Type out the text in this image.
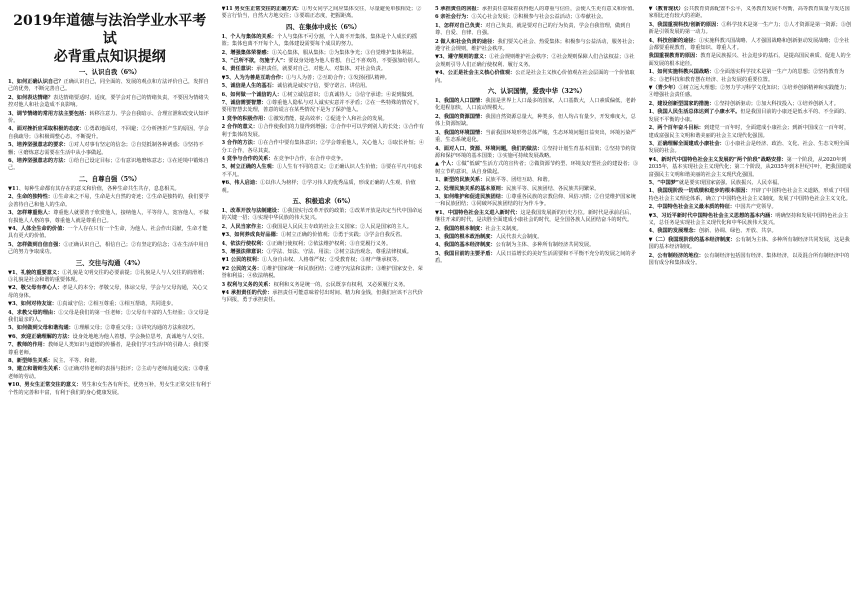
2019年道德与法治学业水平考试
必背重点知识提纲
一、认识自我（6%）
1、如何正确认识自己？正确认识自己，同全面的、发展的观点和方法评价自己，发挥自己的优势，不断完善自己。
2、如何表达情绪？表达情绪要适时、适度，要学会对自己的情绪负责，不要因为情绪失控对他人和社会造成不良影响。
3、调节情绪的常用方法主要包括：转移注意力、学会自我暗示、合理宣泄和改变认知评价。
4、面对挫折应采取积极的态度：①勇敢地面对，不回避；②分析挫折产生的原因，学会自我疏导；③积极调整心态，不断提升。
5、培养坚强意志的要求：①对人对事有坚定的信念；②自觉抵制各种诱惑；③坚持不懈；④磨炼意志需要在生活中从小事做起。
6、培养坚强意志的方法：①给自己设定目标；②有意识地磨炼意志；③在逆境中锻炼自己。
二、自尊自强（5%）
▼11、每种生命都有其存在的意义和价值，各种生命共生共存，息息相关。
2、生命的独特性：①生命来之不易，生命是大自然的奇迹；②生命是独特的，我们要学会善待自己和他人的生命。
3、怎样尊重他人：尊重他人就要善于欣赏他人，接纳他人，平等待人，宽容他人，不做有损他人人格的事，尊重他人就是尊重自己。
▼4、人体全生命的价值：一个人存在只有一个生命，为他人、社会作出贡献，生命才能具有更大的价值。
5、怎样做到自信自强：①正确认识自己，相信自己；②有坚定的信念；③在生活中用自己的努力争取成功。
三、交往与沟通（4%）
▼1、礼貌的重要意义：①礼貌是文明交往的必要前提；②礼貌是人与人交往的润滑剂；③礼貌是社会和谐的重要体现。
▼2、敬父母有孝心人：孝是人的本分；孝敬父母，体谅父母，学会与父母沟通，关心父母的身体。
▼3、如何对待友谊：①真诚守信；②相互尊重；③相互帮助，共同进步。
4、求教父母的理由：①父母是我们的第一任老师；②父母有丰富的人生经验；③父母是我们最亲的人。
5、如何做到父母和谐沟通：①理解父母；②尊重父母；③讲究沟通的方法和技巧。
▼6、欢迎正确理解的方法：设身处地地为他人着想，学会换位思考，真诚地与人交往。
7、教师的作用：教师是人类知识与道德的传播者，是我们学习生活中的引路人；我们要尊重老师。
8、新型师生关系：民主、平等、和谐。
9、建立和谐师生关系：①正确对待老师的表扬与批评；②主动与老师沟通交流；③尊重老师的劳动。
▼10、男女生正常交往的意义：男生和女生各有所长，优势互补，男女生正常交往有利于个性的完善和丰富，有利于我们的身心健康发展。
▼11 男女生正常交往的正确方式：①男女同学之间应集体交往，尽量避免单独相处；②要言行恰当，自然大方地交往；③要端正态度，把握距离。
四、在集体中成长（6%）
1、个人与集体的关系：个人与集体不可分割，个人离不开集体，集体是个人成长的摇篮；集体也离不开每个人，集体建设需要每个成员的努力。
2、增强集体荣誉感：①关心集体，服从集体；②为集体争光；③自觉维护集体利益。
3、“己所不欲，勿施于人”：要设身处地为他人着想，自己不喜欢的，不要强加给别人。
4、责任意识：承担责任，就要对自己、对他人、对集体、对社会负责。
▼5、人为为善是互助合作：①与人为善；②互助合作；③发扬团队精神。
5、诚信是人生的基石：诚信就是诚实守信，要守诺言、讲信用。
6、如何做一个诚信的人：①树立诚信意识；②真诚待人；③信守承诺；④说到做到。
7、诚信需要智慧：①尊重他人隐私与对人诚实实意并不矛盾；②在一些特殊的情况下，要用智慧去处理，善意的谎言在某些情况下是为了保护他人。
1 竞争的积极作用：①激发潜能，提高效率；②促进个人和社会的发展。
2 合作的意义：①合作使我们的力量得到增强；②合作中可以学到别人的长处；③合作有利于集体的发展。
3 合作的方法：①在合作中要有集体意识；②学会尊重他人，关心他人；③取长补短；④分工合作，各尽其责。
4 竞争与合作的关系：在竞争中合作，在合作中竞争。
5、树立正确的人生观：①人生有不同的意义；②正确认识人生价值；③要在平凡中追求不平凡。
▼6、伟人启迪：①以伟人为榜样；②学习伟人的优秀品质，形成正确的人生观、价值观。
五、积极追求（6%）
1、改革开放与法制建设：①我国实行改革开放的政策；②改革开放是决定当代中国命运的关键一招；③实现中华民族的伟大复兴。
2、人民当家作主：①我国是人民民主专政的社会主义国家；②人民是国家的主人。
▼3、如何养成良好品德：①树立正确的价值观；②勇于实践；③学会自我反省。
4、依法行使权利：①正确行使权利；②依法维护权利；③自觉履行义务。
5、增强法律意识：①学法、知法、守法、用法；②树立法治观念，尊重法律权威。
▼1 公民的权利：①人身自由权、人格尊严权；②受教育权；③财产继承权等。
▼2 公民的义务：①维护国家统一和民族团结；②遵守宪法和法律；③维护国家安全、荣誉和利益；④依法纳税。
3 权利与义务的关系：权利和义务是统一的，公民既享有权利，又必须履行义务。
▼4 承担责任的代价：承担责任可能意味着付出时间、精力和金钱，但我们应该不言代价与回报，勇于承担责任。
5 承担责任的回报：承担责任意味着获得他人的尊重与信任，会使人生更有意义和价值。
6 亲社会行为：①关心社会发展；②积极参与社会公益活动；③奉献社会。
1、怎样对自己负责：对自己负责，就是要对自己的行为负责，学会自我管理，做到自尊、自爱、自律、自强。
2 做人和社会负责的途径：我们要关心社会、热爱集体；积极参与公益活动，服务社会；遵守社会规则，维护社会秩序。
▼3、遵守规则的意义：①社会规则维护社会秩序；②社会规则保障人们合法权益；③社会规则引导人们正确行使权利、履行义务。
▼4、公正是社会主义核心价值观：公正是社会主义核心价值观在社会层面的一个价值取向。
六、认识国情，爱我中华（32%）
1、我国的人口国情：我国是世界上人口最多的国家，人口基数大，人口素质偏低，老龄化进程加快，人口流动规模大。
2、我国的资源国情：我国自然资源总量大，种类多，但人均占有量少，开发难度大，总体上资源短缺。
3、我国的环境国情：当前我国环境形势总体严峻，生态环境问题日益突出，环境污染严重，生态系统退化。
4、面对人口、资源、环境问题，我们的做法：①坚持计划生育基本国策；②坚持节约资源和保护环境的基本国策；③实施可持续发展战略。
▲ 个人：①做“低碳”生活方式的宣传者；②做资源节约型、环境友好型社会的建设者；③树立节约意识，从自身做起。
1、新型的民族关系：民族平等、团结互助、和谐。
2、处理民族关系的基本原则：民族平等、民族团结、各民族共同繁荣。
3、如何维护和促进民族团结：①尊重各民族的宗教信仰、风俗习惯；②自觉维护国家统一和民族团结；③同破坏民族团结的行为作斗争。
▼1、中国特色社会主义进入新时代：这是我国发展新的历史方位。新时代是承前启后、继往开来的时代，是决胜全面建成小康社会的时代，是全国各族人民团结奋斗的时代。
2、我国的根本制度：社会主义制度。
3、我国的根本政治制度：人民代表大会制度。
4、我国的基本经济制度：公有制为主体、多种所有制经济共同发展。
5、我国目前的主要矛盾：人民日益增长的美好生活需要和不平衡不充分的发展之间的矛盾。
▼（教育现状）公共教育资源配置不公平，义务教育发展不均衡，高等教育质量与发达国家相比还有较大的差距。
3、我国重视科技/创新的原因：①科学技术是第一生产力；②人才资源是第一资源；③创新是引领发展的第一动力。
4、科技创新的途径：①实施科教兴国战略、人才强国战略和创新驱动发展战略；②全社会都要重视教育，尊重知识、尊重人才。
我国重视教育的原因：教育是民族振兴、社会进步的基石，是提高国民素质、促进人的全面发展的根本途径。
1、如何实施科教兴国战略：①全面落实科学技术是第一生产力的思想；②坚持教育为本；③把科技和教育摆在经济、社会发展的重要位置。
▼（青少年）①树立远大理想；②努力学习科学文化知识；③培养创新精神和实践能力；④增强社会责任感。
2、建设创新型国家的措施：①坚持创新驱动；②加大科技投入；③培养创新人才。
1、我国人民生活总体达到了小康水平。但是我国目前的小康还是低水平的、不全面的、发展不平衡的小康。
2、两个百年奋斗目标：到建党一百年时，全面建成小康社会；到新中国成立一百年时，建成富强民主文明和谐美丽的社会主义现代化强国。
3、正确理解全面建成小康社会：①小康社会是经济、政治、文化、社会、生态文明全面发展的社会。
▼4、新时代中国特色社会主义发展的“两个阶段”战略安排：第一个阶段，从2020年到2035年，基本实现社会主义现代化；第二个阶段，从2035年到本世纪中叶，把我国建成富强民主文明和谐美丽的社会主义现代化强国。
5、“中国梦”就是要实现国家富强、民族振兴、人民幸福。
1、我国现阶段一切成绩和进步的根本原因：开辟了中国特色社会主义道路，形成了中国特色社会主义理论体系，确立了中国特色社会主义制度，发展了中国特色社会主义文化。
2、中国特色社会主义最本质的特征：中国共产党领导。
▼3、习近平新时代中国特色社会主义思想的基本内涵：明确坚持和发展中国特色社会主义，总任务是实现社会主义现代化和中华民族伟大复兴。
4、我国的发展理念：创新、协调、绿色、开放、共享。
▼（二）我国现阶段的基本经济制度：公有制为主体、多种所有制经济共同发展，这是我国的基本经济制度。
2、公有制经济的地位：公有制经济包括国有经济、集体经济，以及混合所有制经济中的国有成分和集体成分。
